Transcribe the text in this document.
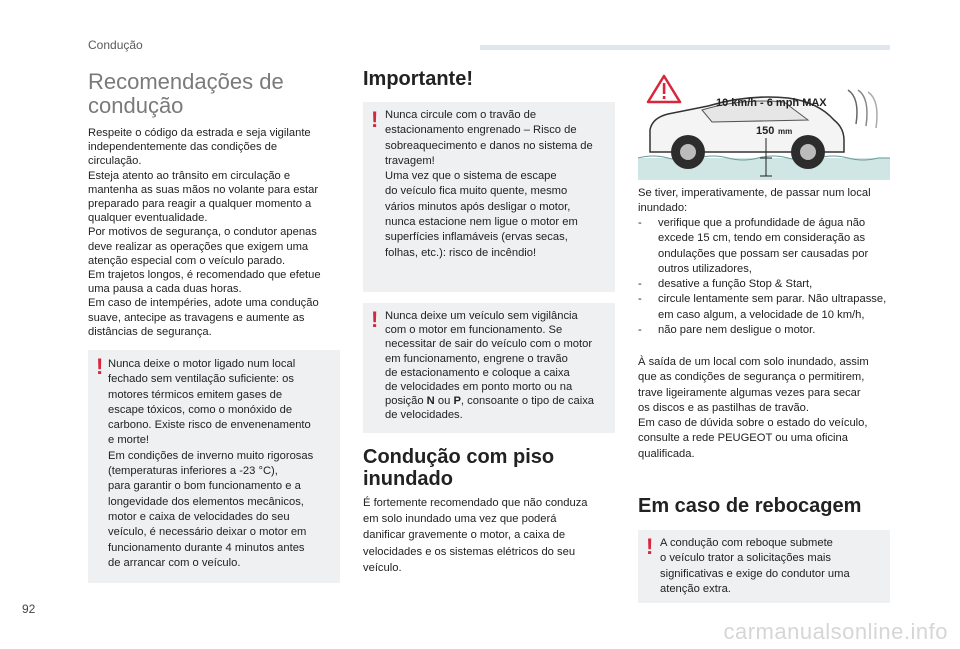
Condução
Recomendações de
condução
Respeite o código da estrada e seja vigilante
independentemente das condições de
circulação.
Esteja atento ao trânsito em circulação e
mantenha as suas mãos no volante para estar
preparado para reagir a qualquer momento a
qualquer eventualidade.
Por motivos de segurança, o condutor apenas
deve realizar as operações que exigem uma
atenção especial com o veículo parado.
Em trajetos longos, é recomendado que efetue
uma pausa a cada duas horas.
Em caso de intempéries, adote uma condução
suave, antecipe as travagens e aumente as
distâncias de segurança.
! Nunca deixe o motor ligado num local
fechado sem ventilação suficiente: os
motores térmicos emitem gases de
escape tóxicos, como o monóxido de
carbono. Existe risco de envenenamento
e morte!
Em condições de inverno muito rigorosas
(temperaturas inferiores a -23 °C),
para garantir o bom funcionamento e a
longevidade dos elementos mecânicos,
motor e caixa de velocidades do seu
veículo, é necessário deixar o motor em
funcionamento durante 4 minutos antes
de arrancar com o veículo.
Importante!
! Nunca circule com o travão de
estacionamento engrenado – Risco de
sobreaquecimento e danos no sistema de
travagem!
Uma vez que o sistema de escape
do veículo fica muito quente, mesmo
vários minutos após desligar o motor,
nunca estacione nem ligue o motor em
superfícies inflamáveis (ervas secas,
folhas, etc.): risco de incêndio!
! Nunca deixe um veículo sem vigilância
com o motor em funcionamento. Se
necessitar de sair do veículo com o motor
em funcionamento, engrene o travão
de estacionamento e coloque a caixa
de velocidades em ponto morto ou na
posição N ou P, consoante o tipo de caixa
de velocidades.
Condução com piso
inundado
É fortemente recomendado que não conduza
em solo inundado uma vez que poderá
danificar gravemente o motor, a caixa de
velocidades e os sistemas elétricos do seu
veículo.
10 km/h - 6 mph MAX
150 mm
Se tiver, imperativamente, de passar num local
inundado:
- verifique que a profundidade de água não excede 15 cm, tendo em consideração as ondulações que possam ser causadas por outros utilizadores,
- desative a função Stop & Start,
- circule lentamente sem parar. Não ultrapasse, em caso algum, a velocidade de 10 km/h,
- não pare nem desligue o motor.
À saída de um local com solo inundado, assim
que as condições de segurança o permitirem,
trave ligeiramente algumas vezes para secar
os discos e as pastilhas de travão.
Em caso de dúvida sobre o estado do veículo,
consulte a rede PEUGEOT ou uma oficina
qualificada.
Em caso de rebocagem
! A condução com reboque submete
o veículo trator a solicitações mais
significativas e exige do condutor uma
atenção extra.
92
carmanualsonline.info
